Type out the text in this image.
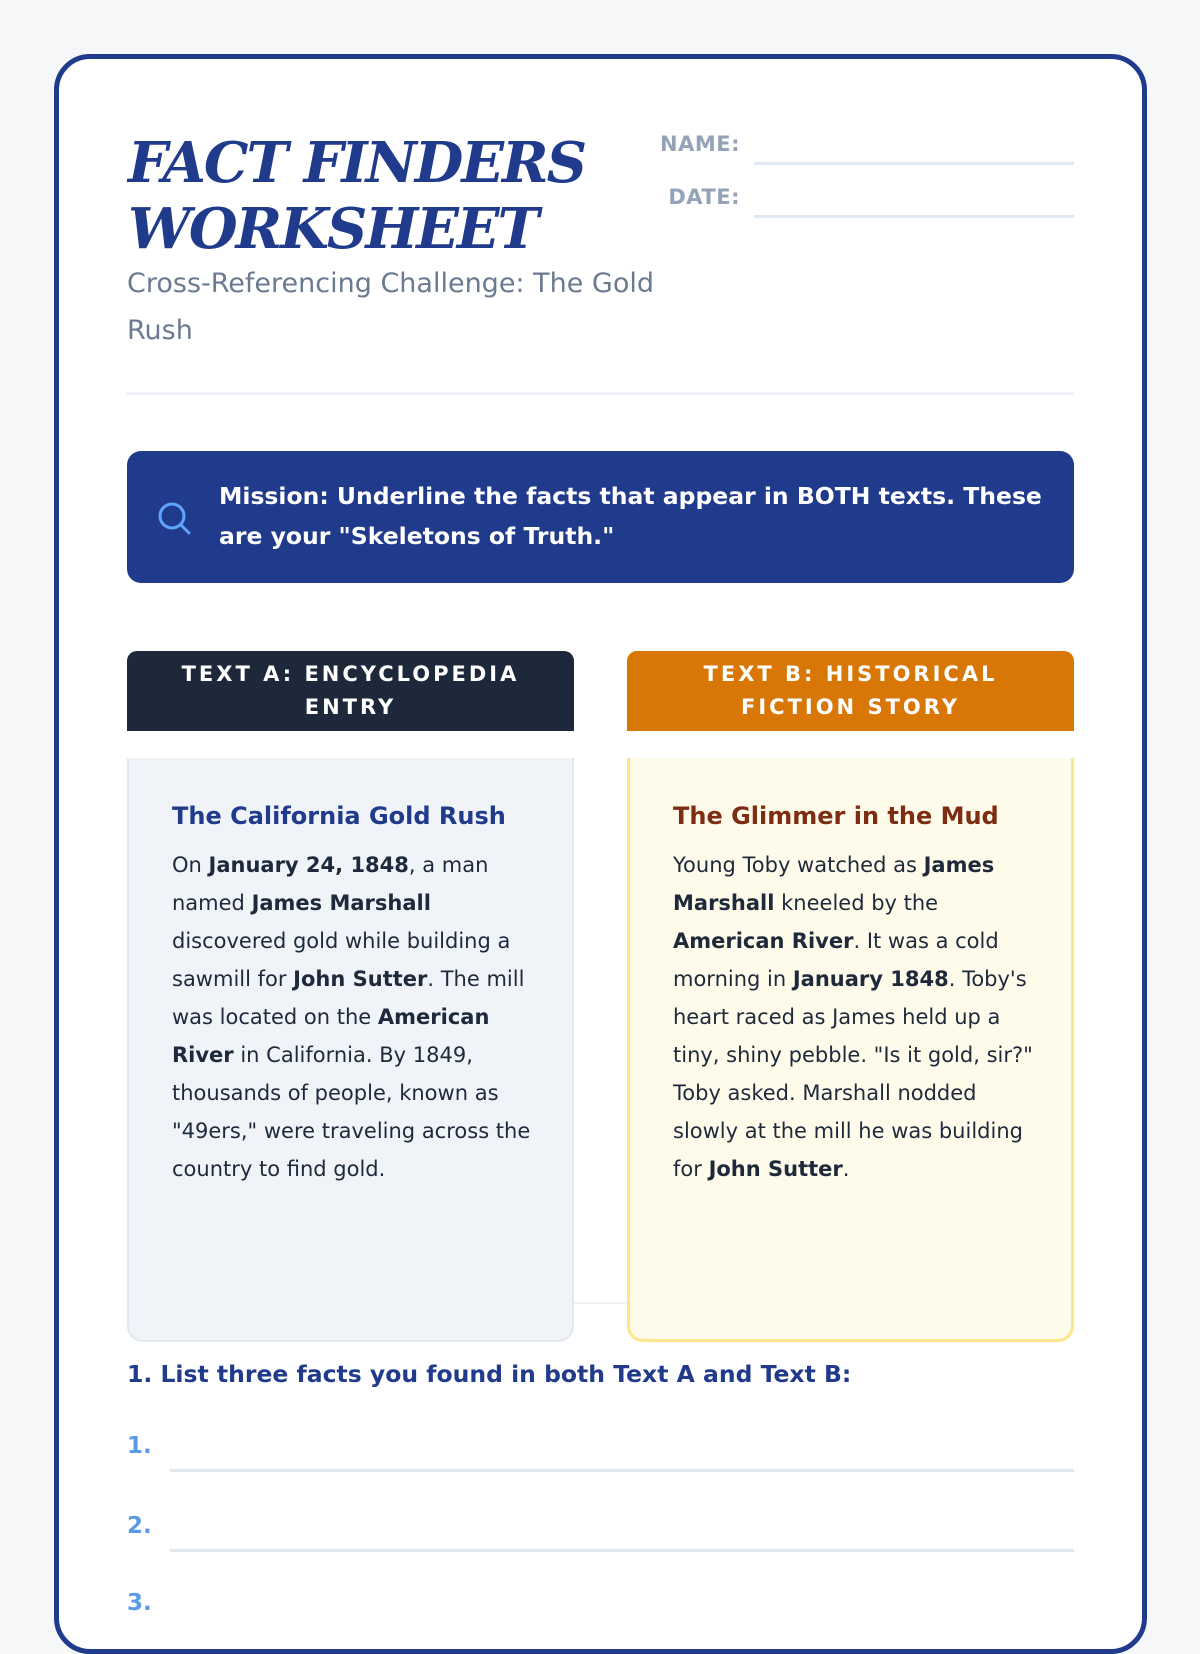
FACT FINDERS
WORKSHEET
Cross-Referencing Challenge: The Gold Rush
NAME:
DATE:
Mission: Underline the facts that appear in BOTH texts. These are your "Skeletons of Truth."
TEXT A: ENCYCLOPEDIA ENTRY
TEXT B: HISTORICAL FICTION STORY
The California Gold Rush
On January 24, 1848, a man named James Marshall discovered gold while building a sawmill for John Sutter. The mill was located on the American River in California. By 1849, thousands of people, known as "49ers," were traveling across the country to find gold.
The Glimmer in the Mud
Young Toby watched as James Marshall kneeled by the American River. It was a cold morning in January 1848. Toby's heart raced as James held up a tiny, shiny pebble. "Is it gold, sir?" Toby asked. Marshall nodded slowly at the mill he was building for John Sutter.
1. List three facts you found in both Text A and Text B:
1.
2.
3.
